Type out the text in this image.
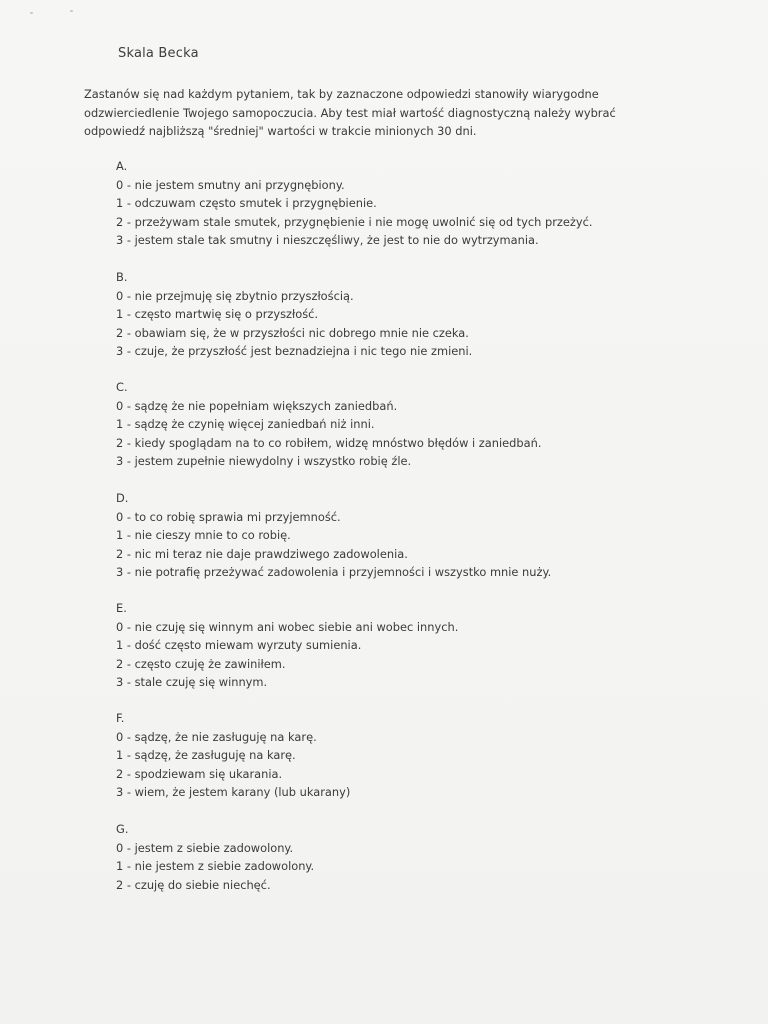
Skala Becka

Zastanów się nad każdym pytaniem, tak by zaznaczone odpowiedzi stanowiły wiarygodne
odzwierciedlenie Twojego samopoczucia. Aby test miał wartość diagnostyczną należy wybrać
odpowiedź najbliższą "średniej" wartości w trakcie minionych 30 dni.

A.
0 - nie jestem smutny ani przygnębiony.
1 - odczuwam często smutek i przygnębienie.
2 - przeżywam stale smutek, przygnębienie i nie mogę uwolnić się od tych przeżyć.
3 - jestem stale tak smutny i nieszczęśliwy, że jest to nie do wytrzymania.
B.
0 - nie przejmuję się zbytnio przyszłością.
1 - często martwię się o przyszłość.
2 - obawiam się, że w przyszłości nic dobrego mnie nie czeka.
3 - czuje, że przyszłość jest beznadziejna i nic tego nie zmieni.
C.
0 - sądzę że nie popełniam większych zaniedbań.
1 - sądzę że czynię więcej zaniedbań niż inni.
2 - kiedy spoglądam na to co robiłem, widzę mnóstwo błędów i zaniedbań.
3 - jestem zupełnie niewydolny i wszystko robię źle.
D.
0 - to co robię sprawia mi przyjemność.
1 - nie cieszy mnie to co robię.
2 - nic mi teraz nie daje prawdziwego zadowolenia.
3 - nie potrafię przeżywać zadowolenia i przyjemności i wszystko mnie nuży.
E.
0 - nie czuję się winnym ani wobec siebie ani wobec innych.
1 - dość często miewam wyrzuty sumienia.
2 - często czuję że zawiniłem.
3 - stale czuję się winnym.
F.
0 - sądzę, że nie zasługuję na karę.
1 - sądzę, że zasługuję na karę.
2 - spodziewam się ukarania.
3 - wiem, że jestem karany (lub ukarany)
G.
0 - jestem z siebie zadowolony.
1 - nie jestem z siebie zadowolony.
2 - czuję do siebie niechęć.
